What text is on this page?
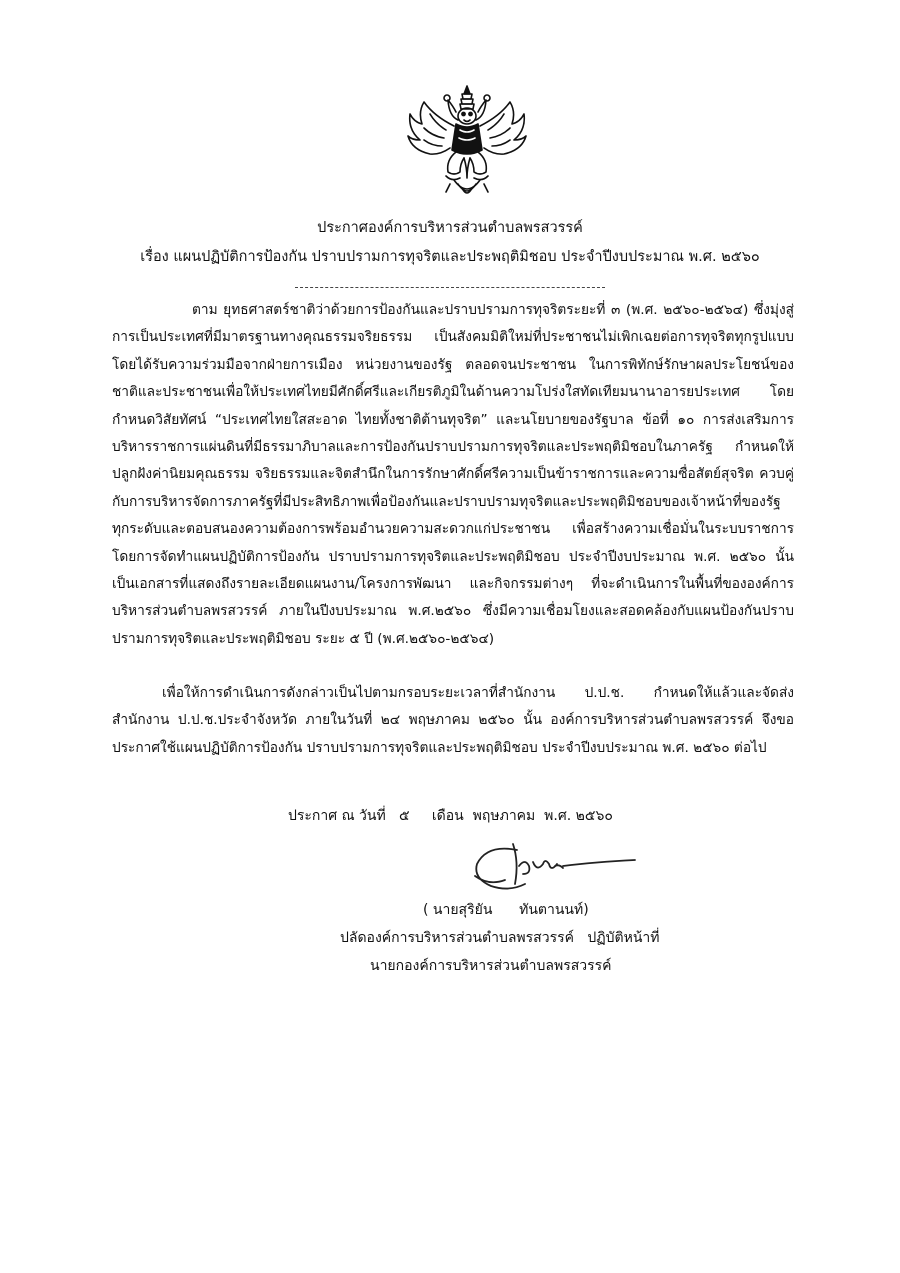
ประกาศองค์การบริหารส่วนตำบลพรสวรรค์
เรื่อง แผนปฏิบัติการป้องกัน ปราบปรามการทุจริตและประพฤติมิชอบ ประจำปีงบประมาณ พ.ศ. ๒๕๖๐
ตาม ยุทธศาสตร์ชาติว่าด้วยการป้องกันและปราบปรามการทุจริตระยะที่ ๓ (พ.ศ. ๒๕๖๐-๒๕๖๔) ซึ่งมุ่งสู่การเป็นประเทศที่มีมาตรฐานทางคุณธรรมจริยธรรม เป็นสังคมมิติใหม่ที่ประชาชนไม่เพิกเฉยต่อการทุจริตทุกรูปแบบ โดยได้รับความร่วมมือจากฝ่ายการเมือง หน่วยงานของรัฐ ตลอดจนประชาชน ในการพิทักษ์รักษาผลประโยชน์ของชาติและประชาชนเพื่อให้ประเทศไทยมีศักดิ์ศรีและเกียรติภูมิในด้านความโปร่งใสทัดเทียมนานาอารยประเทศ โดยกำหนดวิสัยทัศน์ “ประเทศไทยใสสะอาด ไทยทั้งชาติต้านทุจริต” และนโยบายของรัฐบาล ข้อที่ ๑๐ การส่งเสริมการบริหารราชการแผ่นดินที่มีธรรมาภิบาลและการป้องกันปราบปรามการทุจริตและประพฤติมิชอบในภาครัฐ กำหนดให้ปลูกฝังค่านิยมคุณธรรม จริยธรรมและจิตสำนึกในการรักษาศักดิ์ศรีความเป็นข้าราชการและความซื่อสัตย์สุจริต ควบคู่กับการบริหารจัดการภาครัฐที่มีประสิทธิภาพเพื่อป้องกันและปราบปรามทุจริตและประพฤติมิชอบของเจ้าหน้าที่ของรัฐทุกระดับและตอบสนองความต้องการพร้อมอำนวยความสะดวกแก่ประชาชน เพื่อสร้างความเชื่อมั่นในระบบราชการ โดยการจัดทำแผนปฏิบัติการป้องกัน ปราบปรามการทุจริตและประพฤติมิชอบ ประจำปีงบประมาณ พ.ศ. ๒๕๖๐ นั้น เป็นเอกสารที่แสดงถึงรายละเอียดแผนงาน/โครงการพัฒนา และกิจกรรมต่างๆ ที่จะดำเนินการในพื้นที่ขององค์การบริหารส่วนตำบลพรสวรรค์ ภายในปีงบประมาณ พ.ศ.๒๕๖๐ ซึ่งมีความเชื่อมโยงและสอดคล้องกับแผนป้องกันปราบปรามการทุจริตและประพฤติมิชอบ ระยะ ๕ ปี (พ.ศ.๒๕๖๐-๒๕๖๔)
เพื่อให้การดำเนินการดังกล่าวเป็นไปตามกรอบระยะเวลาที่สำนักงาน ป.ป.ช. กำหนดให้แล้วและจัดส่งสำนักงาน ป.ป.ช.ประจำจังหวัด ภายในวันที่ ๒๔ พฤษภาคม ๒๕๖๐ นั้น องค์การบริหารส่วนตำบลพรสวรรค์ จึงขอประกาศใช้แผนปฏิบัติการป้องกัน ปราบปรามการทุจริตและประพฤติมิชอบ ประจำปีงบประมาณ พ.ศ. ๒๕๖๐ ต่อไป
ประกาศ ณ วันที่   ๕     เดือน  พฤษภาคม  พ.ศ. ๒๕๖๐
( นายสุริยัน      ทันตานนท์)
ปลัดองค์การบริหารส่วนตำบลพรสวรรค์   ปฏิบัติหน้าที่
นายกองค์การบริหารส่วนตำบลพรสวรรค์
